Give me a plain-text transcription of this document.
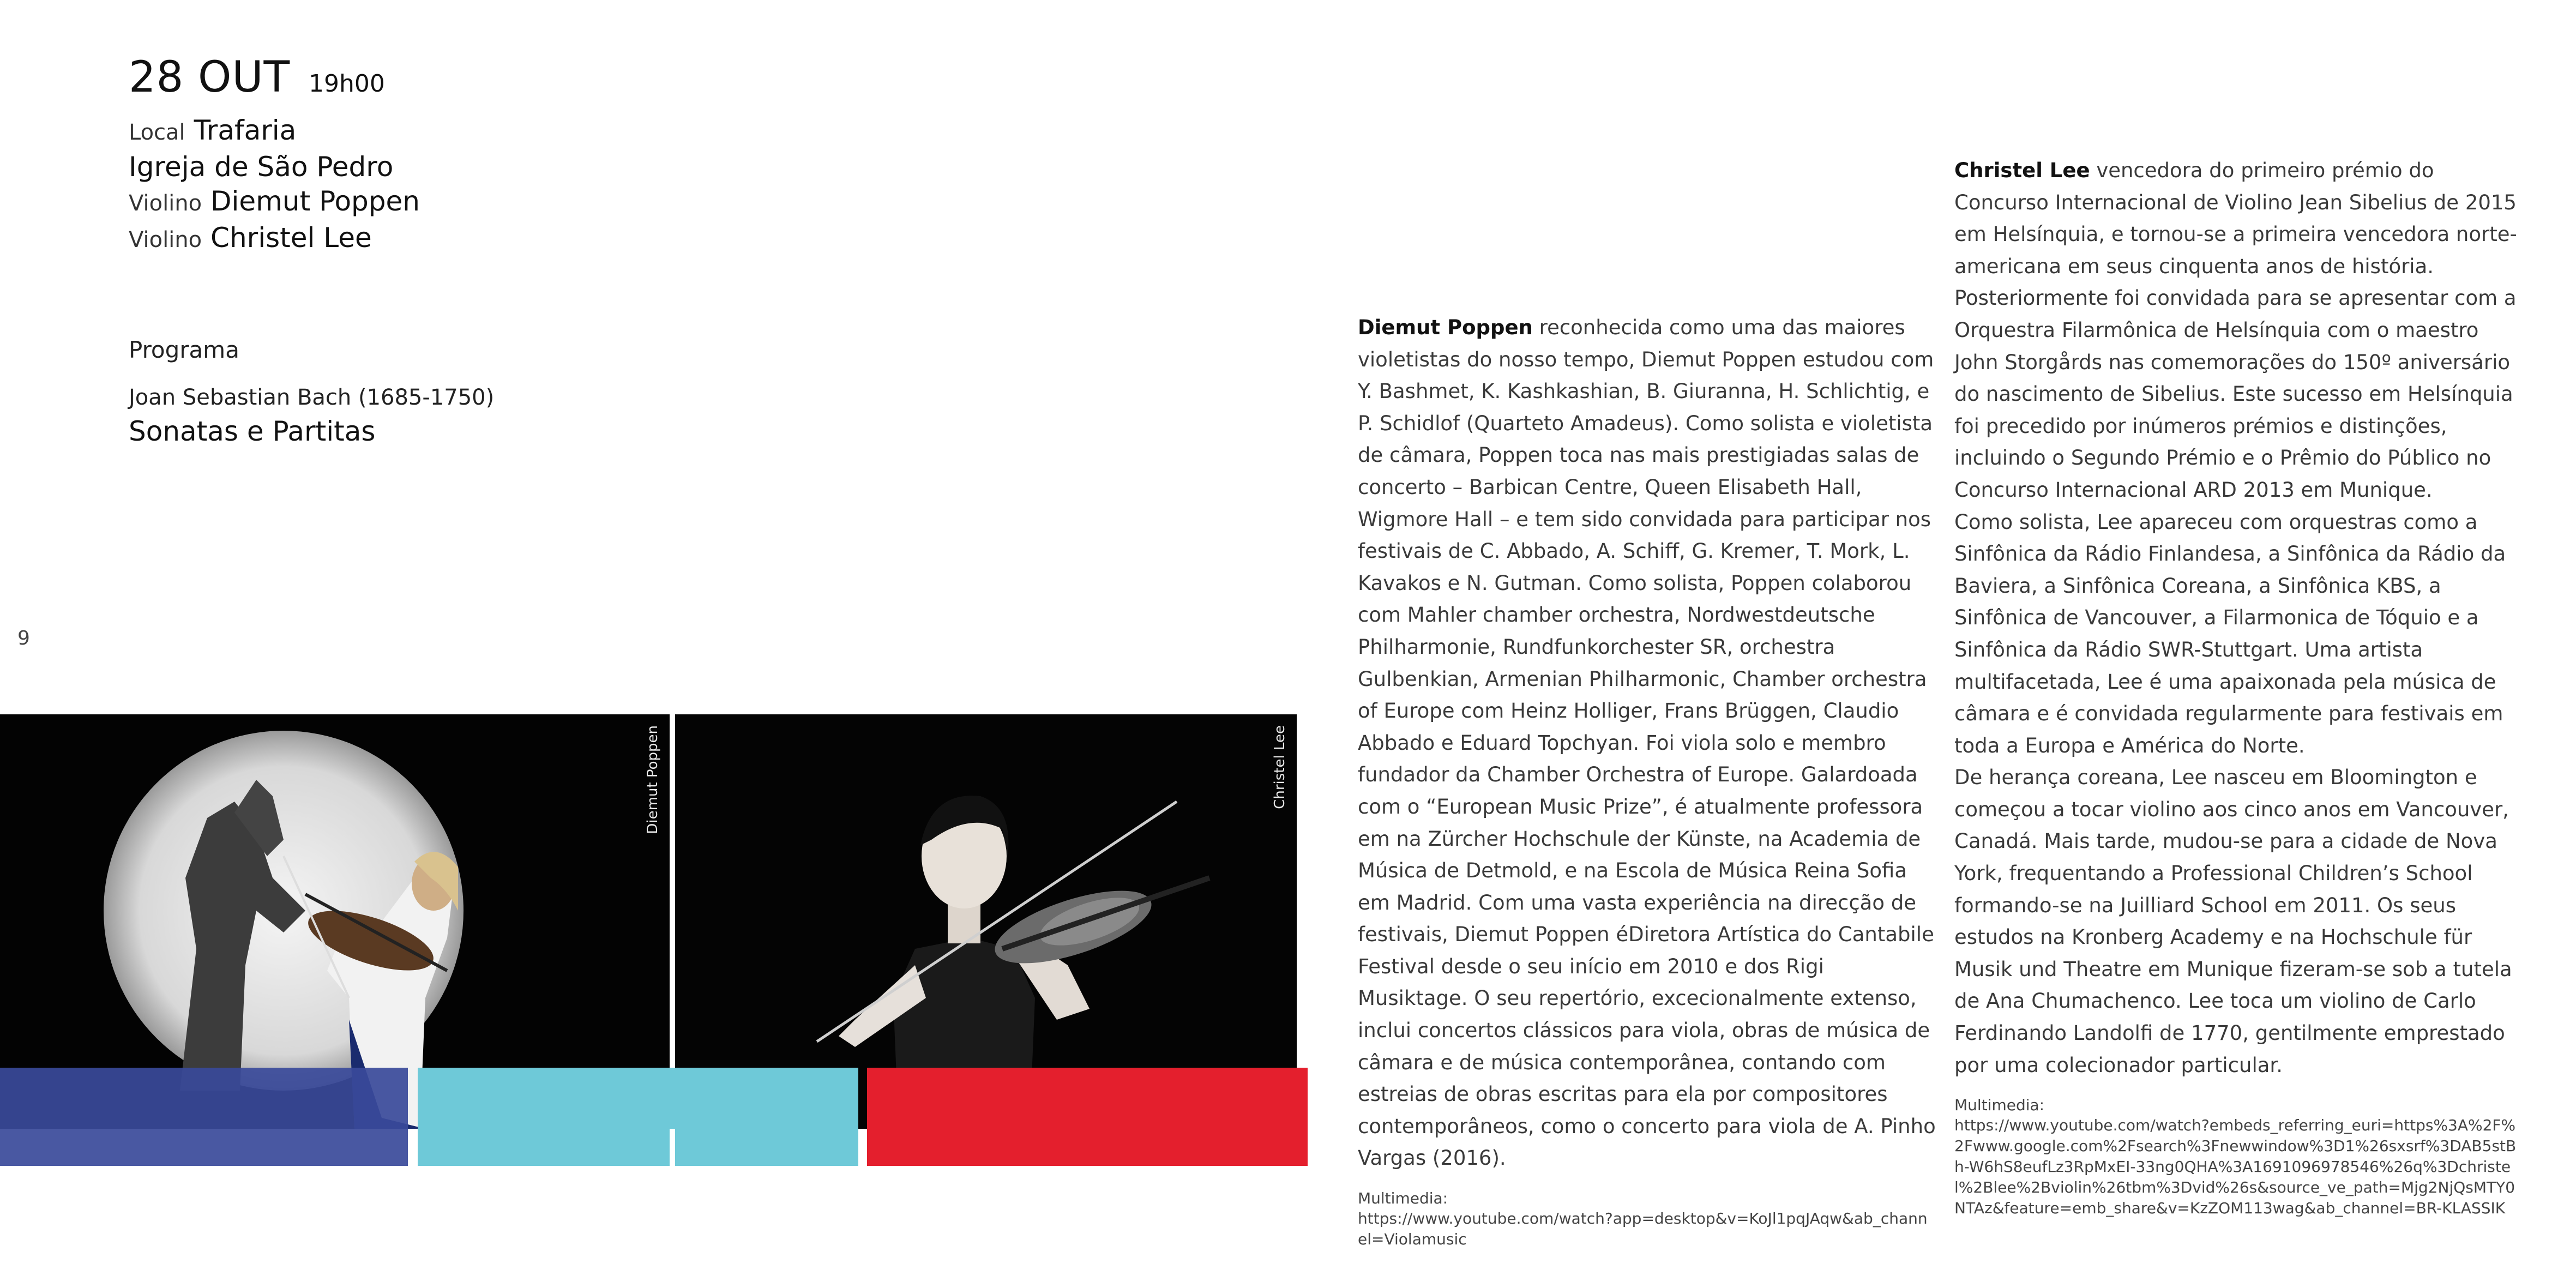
28 OUT 19h00
Local Trafaria
Igreja de São Pedro
Violino Diemut Poppen
Violino Christel Lee
Programa
Joan Sebastian Bach (1685-1750)
Sonatas e Partitas
9
Diemut Poppen	Christel Lee
Diemut Poppen reconhecida como uma das maiores violetistas do nosso tempo, Diemut Poppen estudou com Y. Bashmet, K. Kashkashian, B. Giuranna, H. Schlichtig, e P. Schidlof (Quarteto Amadeus). Como solista e violetista de câmara, Poppen toca nas mais prestigiadas salas de concerto – Barbican Centre, Queen Elisabeth Hall, Wigmore Hall – e tem sido convidada para participar nos festivais de C. Abbado, A. Schiff, G. Kremer, T. Mork, L. Kavakos e N. Gutman. Como solista, Poppen colaborou com Mahler chamber orchestra, Nordwestdeutsche Philharmonie, Rundfunkorchester SR, orchestra Gulbenkian, Armenian Philharmonic, Chamber orchestra of Europe com Heinz Holliger, Frans Brüggen, Claudio Abbado e Eduard Topchyan. Foi viola solo e membro fundador da Chamber Orchestra of Europe. Galardoada com o “European Music Prize”, é atualmente professora em na Zürcher Hochschule der Künste, na Academia de Música de Detmold, e na Escola de Música Reina Sofia em Madrid. Com uma vasta experiência na direcção de festivais, Diemut Poppen éDiretora Artística do Cantabile Festival desde o seu início em 2010 e dos Rigi Musiktage. O seu repertório, excecionalmente extenso, inclui concertos clássicos para viola, obras de música de câmara e de música contemporânea, contando com estreias de obras escritas para ela por compositores contemporâneos, como o concerto para viola de A. Pinho Vargas (2016).
Multimedia:
https://www.youtube.com/watch?app=desktop&v=KoJl1pqJAqw&ab_channel=Violamusic
Christel Lee vencedora do primeiro prémio do Concurso Internacional de Violino Jean Sibelius de 2015 em Helsínquia, e tornou-se a primeira vencedora norte-americana em seus cinquenta anos de história. Posteriormente foi convidada para se apresentar com a Orquestra Filarmônica de Helsínquia com o maestro John Storgårds nas comemorações do 150º aniversário do nascimento de Sibelius. Este sucesso em Helsínquia foi precedido por inúmeros prémios e distinções, incluindo o Segundo Prémio e o Prêmio do Público no Concurso Internacional ARD 2013 em Munique.
Como solista, Lee apareceu com orquestras como a Sinfônica da Rádio Finlandesa, a Sinfônica da Rádio da Baviera, a Sinfônica Coreana, a Sinfônica KBS, a Sinfônica de Vancouver, a Filarmonica de Tóquio e a Sinfônica da Rádio SWR-Stuttgart. Uma artista multifacetada, Lee é uma apaixonada pela música de câmara e é convidada regularmente para festivais em toda a Europa e América do Norte.
De herança coreana, Lee nasceu em Bloomington e começou a tocar violino aos cinco anos em Vancouver, Canadá. Mais tarde, mudou-se para a cidade de Nova York, frequentando a Professional Children’s School formando-se na Juilliard School em 2011. Os seus estudos na Kronberg Academy e na Hochschule für Musik und Theatre em Munique fizeram-se sob a tutela de Ana Chumachenco. Lee toca um violino de Carlo Ferdinando Landolfi de 1770, gentilmente emprestado por uma colecionador particular.
Multimedia:
https://www.youtube.com/watch?embeds_referring_euri=https%3A%2F%2Fwww.google.com%2Fsearch%3Fnewwindow%3D1%26sxsrf%3DAB5stBh-W6hS8eufLz3RpMxEI-33ng0QHA%3A1691096978546%26q%3Dchristel%2Blee%2Bviolin%26tbm%3Dvid%26s&source_ve_path=Mjg2NjQsMTY0NTAz&feature=emb_share&v=KzZOM113wag&ab_channel=BR-KLASSIK
